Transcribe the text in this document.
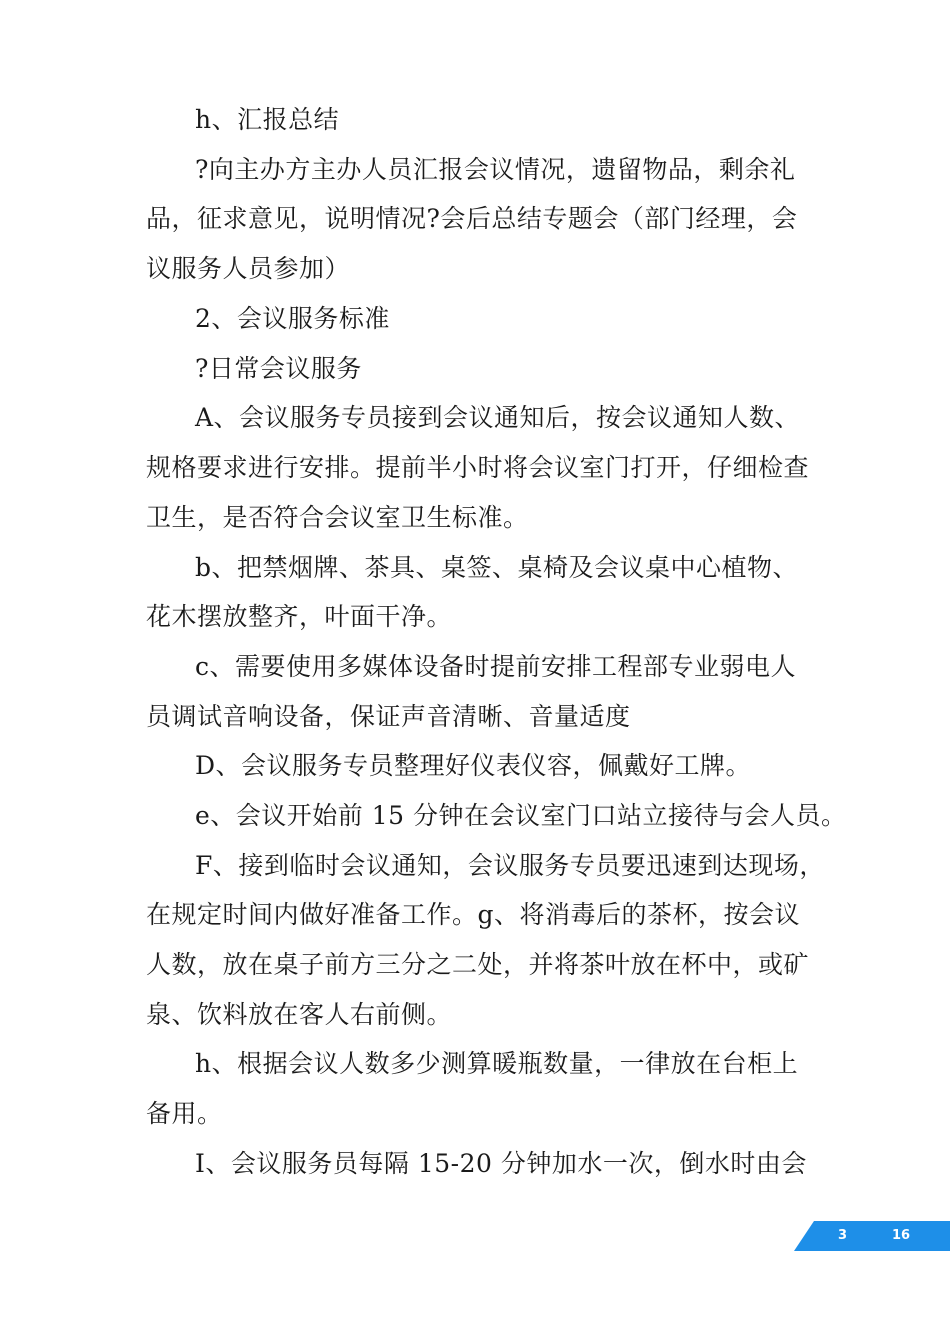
h、汇报总结
?向主办方主办人员汇报会议情况，遗留物品，剩余礼
品，征求意见，说明情况?会后总结专题会（部门经理，会
议服务人员参加）
2、会议服务标准
?日常会议服务
A、会议服务专员接到会议通知后，按会议通知人数、
规格要求进行安排。提前半小时将会议室门打开，仔细检查
卫生，是否符合会议室卫生标准。
b、把禁烟牌、茶具、桌签、桌椅及会议桌中心植物、
花木摆放整齐，叶面干净。
c、需要使用多媒体设备时提前安排工程部专业弱电人
员调试音响设备，保证声音清晰、音量适度
D、会议服务专员整理好仪表仪容，佩戴好工牌。
e、会议开始前 15 分钟在会议室门口站立接待与会人员。
F、接到临时会议通知，会议服务专员要迅速到达现场，
在规定时间内做好准备工作。g、将消毒后的茶杯，按会议
人数，放在桌子前方三分之二处，并将茶叶放在杯中，或矿
泉、饮料放在客人右前侧。
h、根据会议人数多少测算暖瓶数量，一律放在台柜上
备用。
I、会议服务员每隔 15-20 分钟加水一次，倒水时由会
3	16
